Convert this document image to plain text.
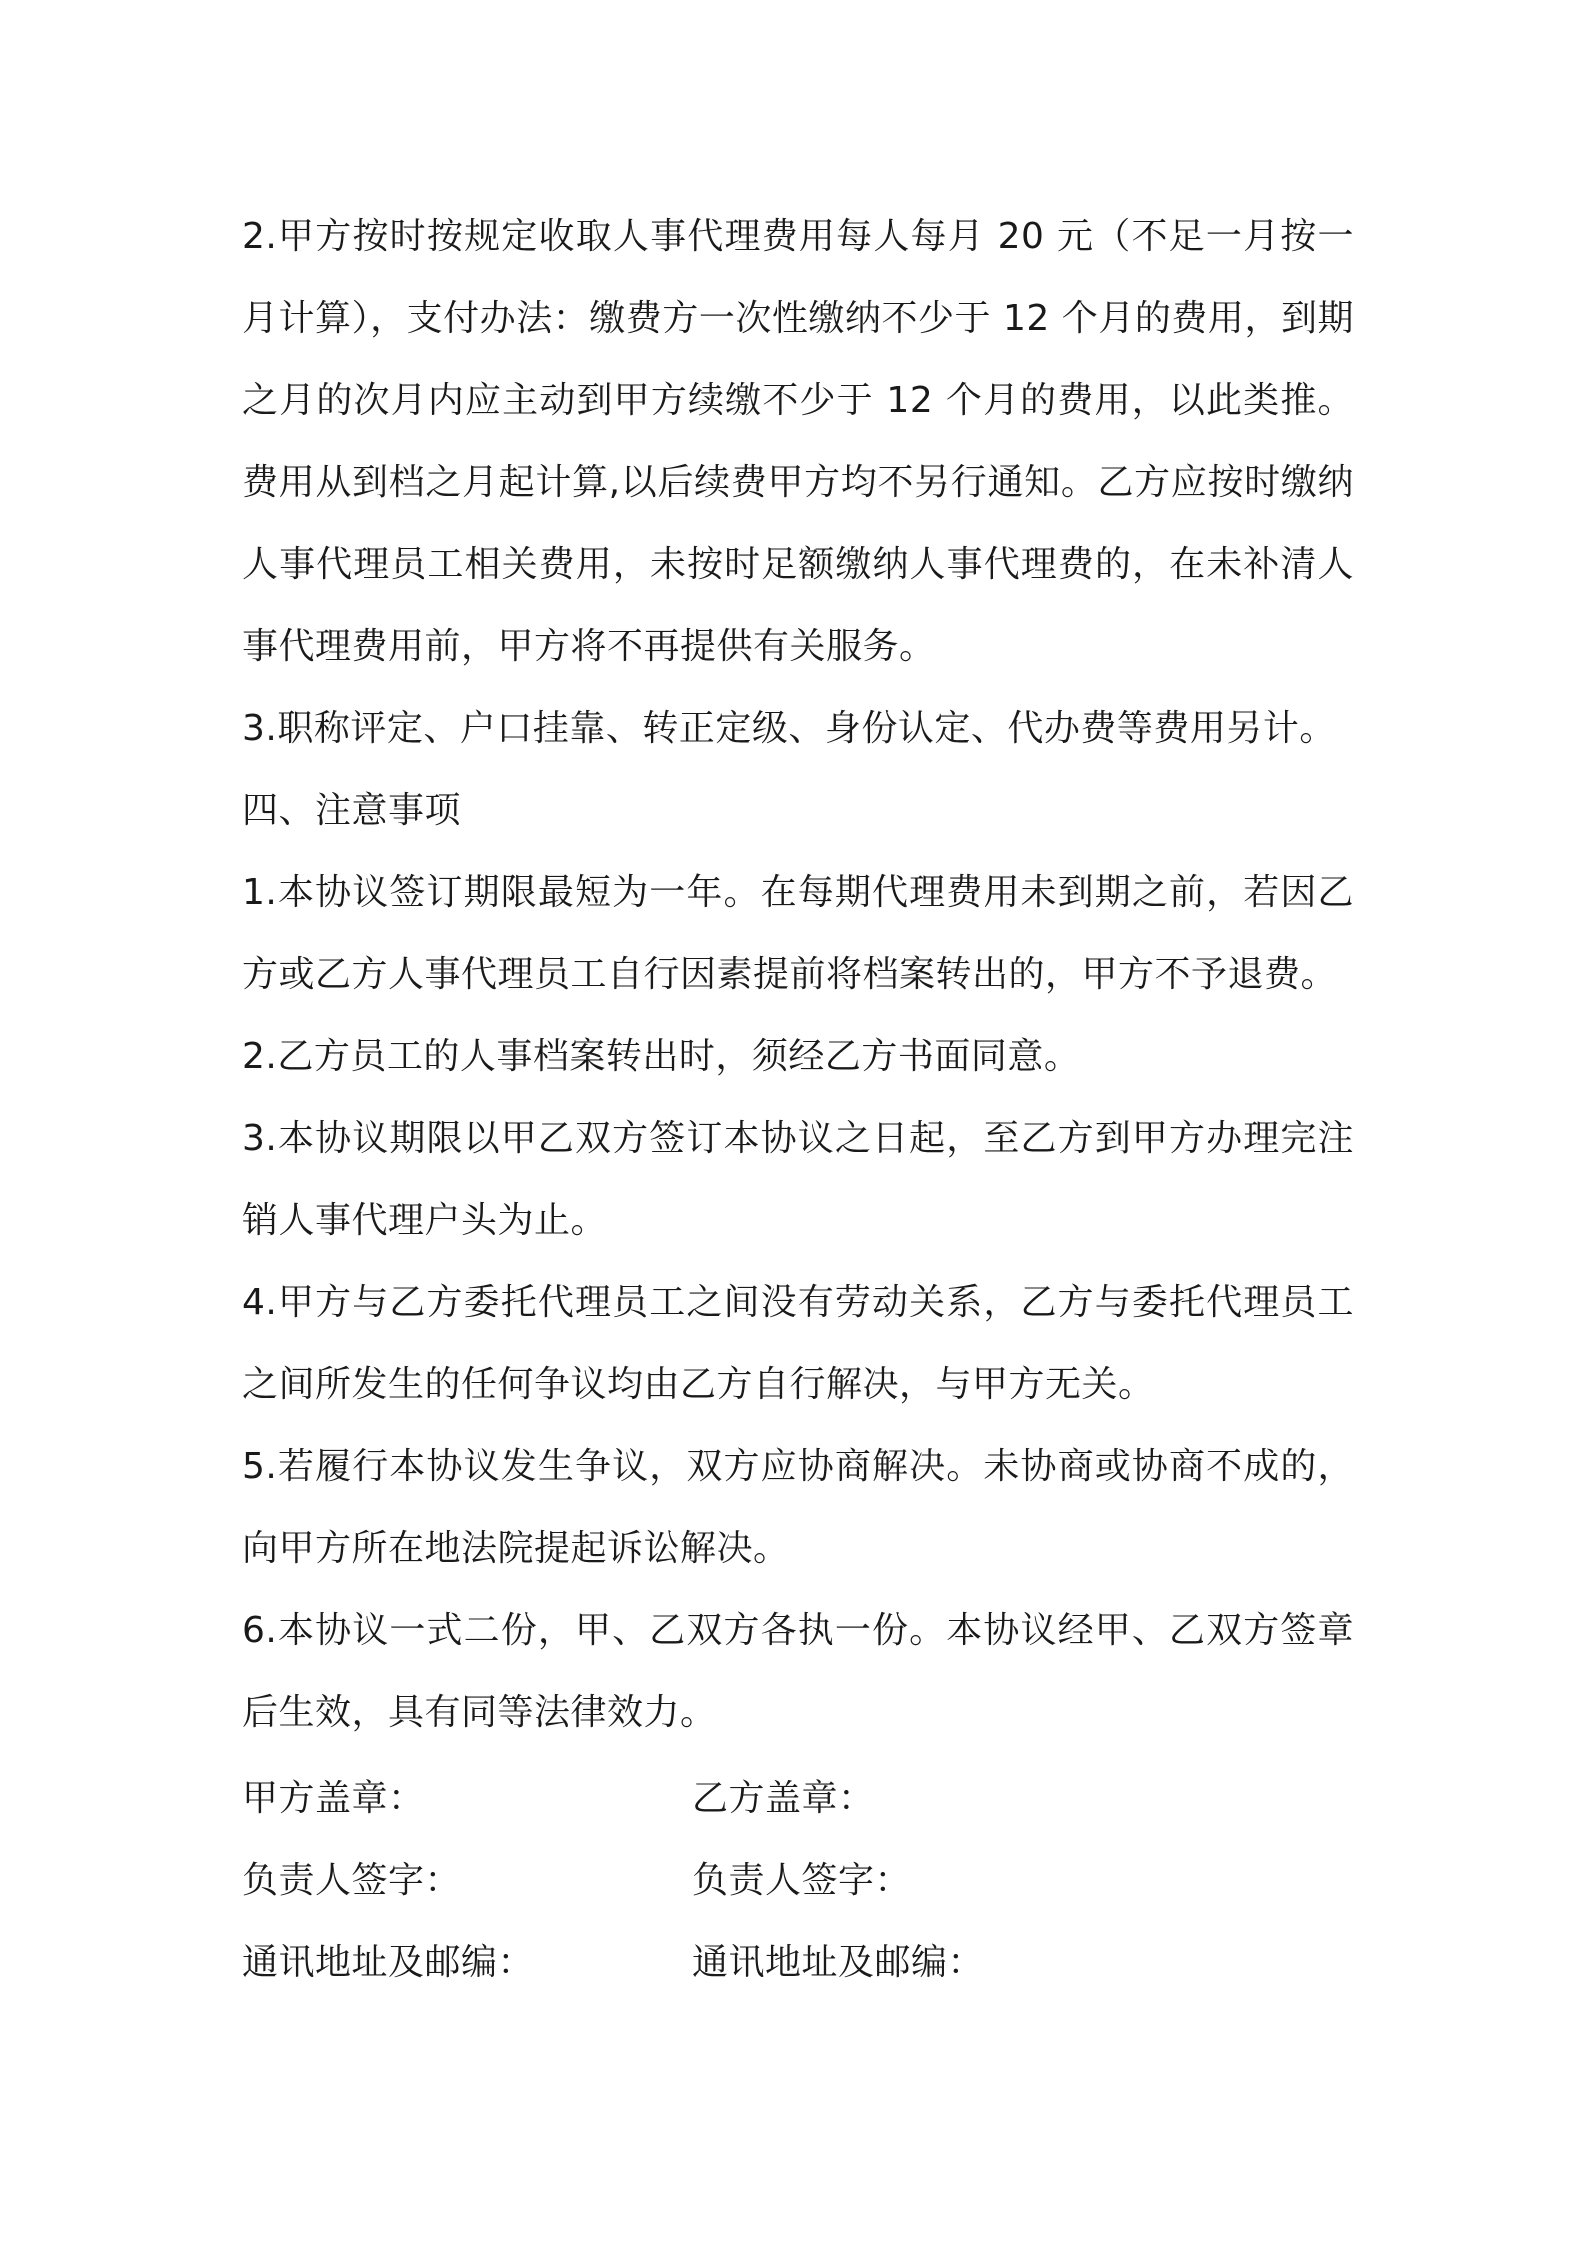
2.甲方按时按规定收取人事代理费用每人每月 20 元（不足一月按一月计算），支付办法：缴费方一次性缴纳不少于 12 个月的费用，到期之月的次月内应主动到甲方续缴不少于 12 个月的费用，以此类推。费用从到档之月起计算,以后续费甲方均不另行通知。乙方应按时缴纳人事代理员工相关费用，未按时足额缴纳人事代理费的，在未补清人事代理费用前，甲方将不再提供有关服务。

3.职称评定、户口挂靠、转正定级、身份认定、代办费等费用另计。

四、注意事项

1.本协议签订期限最短为一年。在每期代理费用未到期之前，若因乙方或乙方人事代理员工自行因素提前将档案转出的，甲方不予退费。

2.乙方员工的人事档案转出时，须经乙方书面同意。

3.本协议期限以甲乙双方签订本协议之日起，至乙方到甲方办理完注销人事代理户头为止。

4.甲方与乙方委托代理员工之间没有劳动关系，乙方与委托代理员工之间所发生的任何争议均由乙方自行解决，与甲方无关。

5.若履行本协议发生争议，双方应协商解决。未协商或协商不成的，向甲方所在地法院提起诉讼解决。

6.本协议一式二份，甲、乙双方各执一份。本协议经甲、乙双方签章后生效，具有同等法律效力。

甲方盖章：	乙方盖章：
负责人签字：	负责人签字：
通讯地址及邮编：	通讯地址及邮编：
